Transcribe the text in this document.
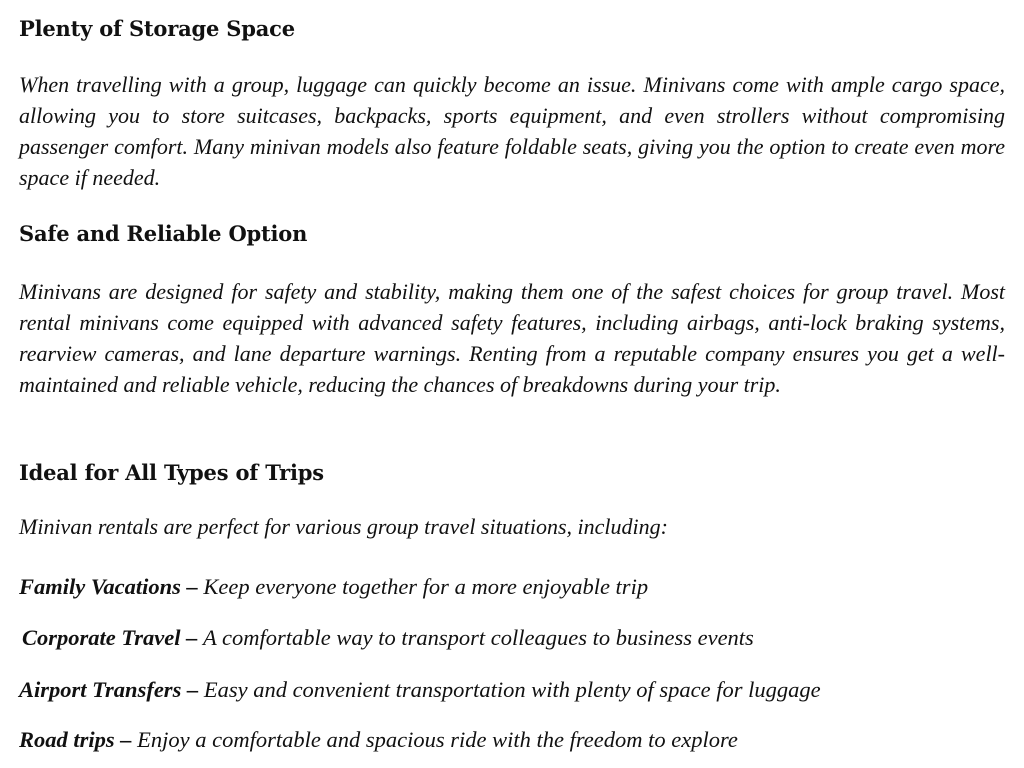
Plenty of Storage Space

When travelling with a group, luggage can quickly become an issue. Minivans come with ample cargo space, allowing you to store suitcases, backpacks, sports equipment, and even strollers without compromising passenger comfort. Many minivan models also feature foldable seats, giving you the option to create even more space if needed.

Safe and Reliable Option

Minivans are designed for safety and stability, making them one of the safest choices for group travel. Most rental minivans come equipped with advanced safety features, including airbags, anti-lock braking systems, rearview cameras, and lane departure warnings. Renting from a reputable company ensures you get a well-maintained and reliable vehicle, reducing the chances of breakdowns during your trip.

Ideal for All Types of Trips

Minivan rentals are perfect for various group travel situations, including:

Family Vacations – Keep everyone together for a more enjoyable trip
Corporate Travel – A comfortable way to transport colleagues to business events
Airport Transfers – Easy and convenient transportation with plenty of space for luggage
Road trips – Enjoy a comfortable and spacious ride with the freedom to explore
